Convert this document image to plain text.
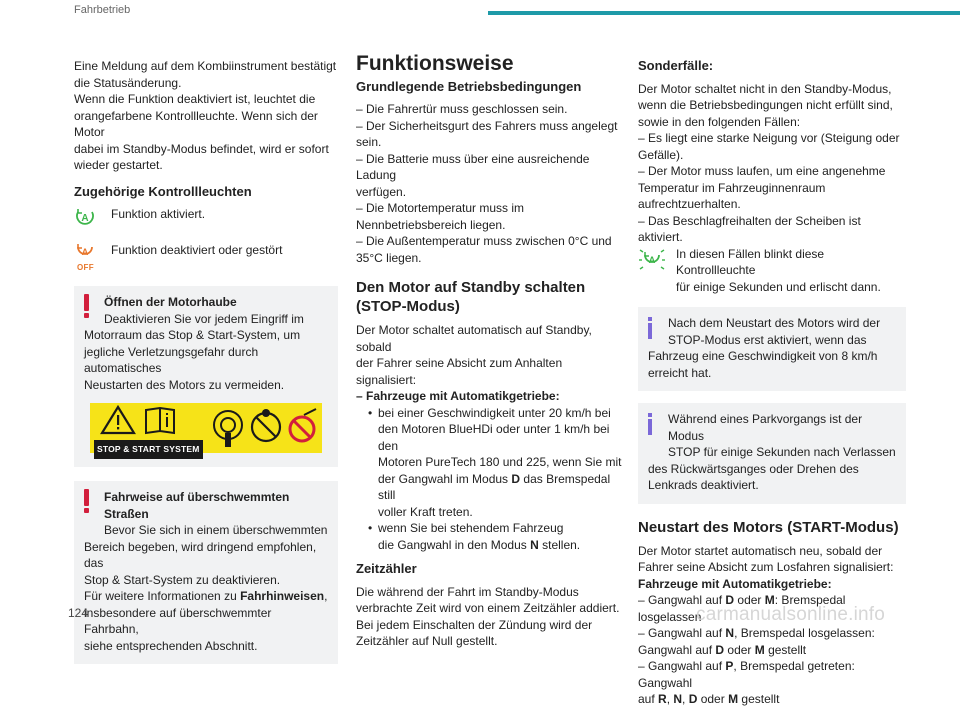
Fahrbetrieb

Eine Meldung auf dem Kombiinstrument bestätigt

die Statusänderung.

Wenn die Funktion deaktiviert ist, leuchtet die

orangefarbene Kontrollleuchte. Wenn sich der Motor

dabei im Standby-Modus befindet, wird er sofort

wieder gestartet.

Zugehörige Kontrollleuchten
A Funktion aktiviert.

A
OFF

Funktion deaktiviert oder gestört

Öffnen der Motorhaube

Deaktivieren Sie vor jedem Eingriff im

Motorraum das Stop & Start-System, um

jegliche Verletzungsgefahr durch automatisches

Neustarten des Motors zu vermeiden.

STOP & START SYSTEM

Fahrweise auf überschwemmten Straßen

Bevor Sie sich in einem überschwemmten

Bereich begeben, wird dringend empfohlen, das

Stop & Start-System zu deaktivieren.

Für weitere Informationen zu Fahrhinweisen,

insbesondere auf überschwemmter Fahrbahn,

siehe entsprechenden Abschnitt.

Funktionsweise
Grundlegende Betriebsbedingungen

– Die Fahrertür muss geschlossen sein.

– Der Sicherheitsgurt des Fahrers muss angelegt

sein.

– Die Batterie muss über eine ausreichende Ladung

verfügen.

– Die Motortemperatur muss im

Nennbetriebsbereich liegen.

– Die Außentemperatur muss zwischen 0°C und

35°C liegen.

Den Motor auf Standby schalten
(STOP-Modus)

Der Motor schaltet automatisch auf Standby, sobald

der Fahrer seine Absicht zum Anhalten signalisiert:

– Fahrzeuge mit Automatikgetriebe:

• bei einer Geschwindigkeit unter 20 km/h bei

den Motoren BlueHDi oder unter 1 km/h bei den

Motoren PureTech 180 und 225, wenn Sie mit

der Gangwahl im Modus D das Bremspedal still

voller Kraft treten.

• wenn Sie bei stehendem Fahrzeug

die Gangwahl in den Modus N stellen.

Zeitzähler

Die während der Fahrt im Standby-Modus

verbrachte Zeit wird von einem Zeitzähler addiert.

Bei jedem Einschalten der Zündung wird der

Zeitzähler auf Null gestellt.

Sonderfälle:

Der Motor schaltet nicht in den Standby-Modus,

wenn die Betriebsbedingungen nicht erfüllt sind,

sowie in den folgenden Fällen:

– Es liegt eine starke Neigung vor (Steigung oder

Gefälle).

– Der Motor muss laufen, um eine angenehme

Temperatur im Fahrzeuginnenraum

aufrechtzuerhalten.

– Das Beschlagfreihalten der Scheiben ist aktiviert.

A In diesen Fällen blinkt diese Kontrollleuchte

für einige Sekunden und erlischt dann.

Nach dem Neustart des Motors wird der

STOP-Modus erst aktiviert, wenn das

Fahrzeug eine Geschwindigkeit von 8 km/h

erreicht hat.

Während eines Parkvorgangs ist der Modus

STOP für einige Sekunden nach Verlassen

des Rückwärtsganges oder Drehen des

Lenkrads deaktiviert.

Neustart des Motors (START-Modus)

Der Motor startet automatisch neu, sobald der

Fahrer seine Absicht zum Losfahren signalisiert:

Fahrzeuge mit Automatikgetriebe:

– Gangwahl auf D oder M: Bremspedal losgelassen

– Gangwahl auf N, Bremspedal losgelassen:

Gangwahl auf D oder M gestellt

– Gangwahl auf P, Bremspedal getreten: Gangwahl

auf R, N, D oder M gestellt

124	carmanualsonline.info
